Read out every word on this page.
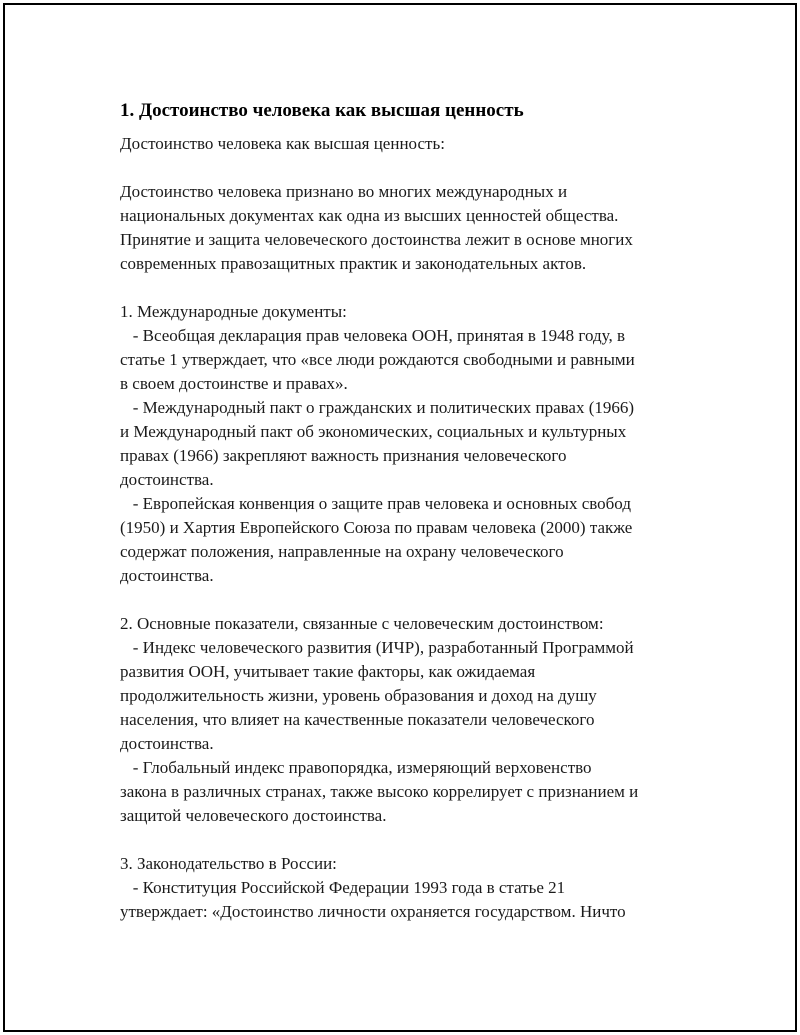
1. Достоинство человека как высшая ценность
Достоинство человека как высшая ценность:
Достоинство человека признано во многих международных и
национальных документах как одна из высших ценностей общества.
Принятие и защита человеческого достоинства лежит в основе многих
современных правозащитных практик и законодательных актов.
1. Международные документы:
- Всеобщая декларация прав человека ООН, принятая в 1948 году, в
статье 1 утверждает, что «все люди рождаются свободными и равными
в своем достоинстве и правах».
- Международный пакт о гражданских и политических правах (1966)
и Международный пакт об экономических, социальных и культурных
правах (1966) закрепляют важность признания человеческого
достоинства.
- Европейская конвенция о защите прав человека и основных свобод
(1950) и Хартия Европейского Союза по правам человека (2000) также
содержат положения, направленные на охрану человеческого
достоинства.
2. Основные показатели, связанные с человеческим достоинством:
- Индекс человеческого развития (ИЧР), разработанный Программой
развития ООН, учитывает такие факторы, как ожидаемая
продолжительность жизни, уровень образования и доход на душу
населения, что влияет на качественные показатели человеческого
достоинства.
- Глобальный индекс правопорядка, измеряющий верховенство
закона в различных странах, также высоко коррелирует с признанием и
защитой человеческого достоинства.
3. Законодательство в России:
- Конституция Российской Федерации 1993 года в статье 21
утверждает: «Достоинство личности охраняется государством. Ничто
